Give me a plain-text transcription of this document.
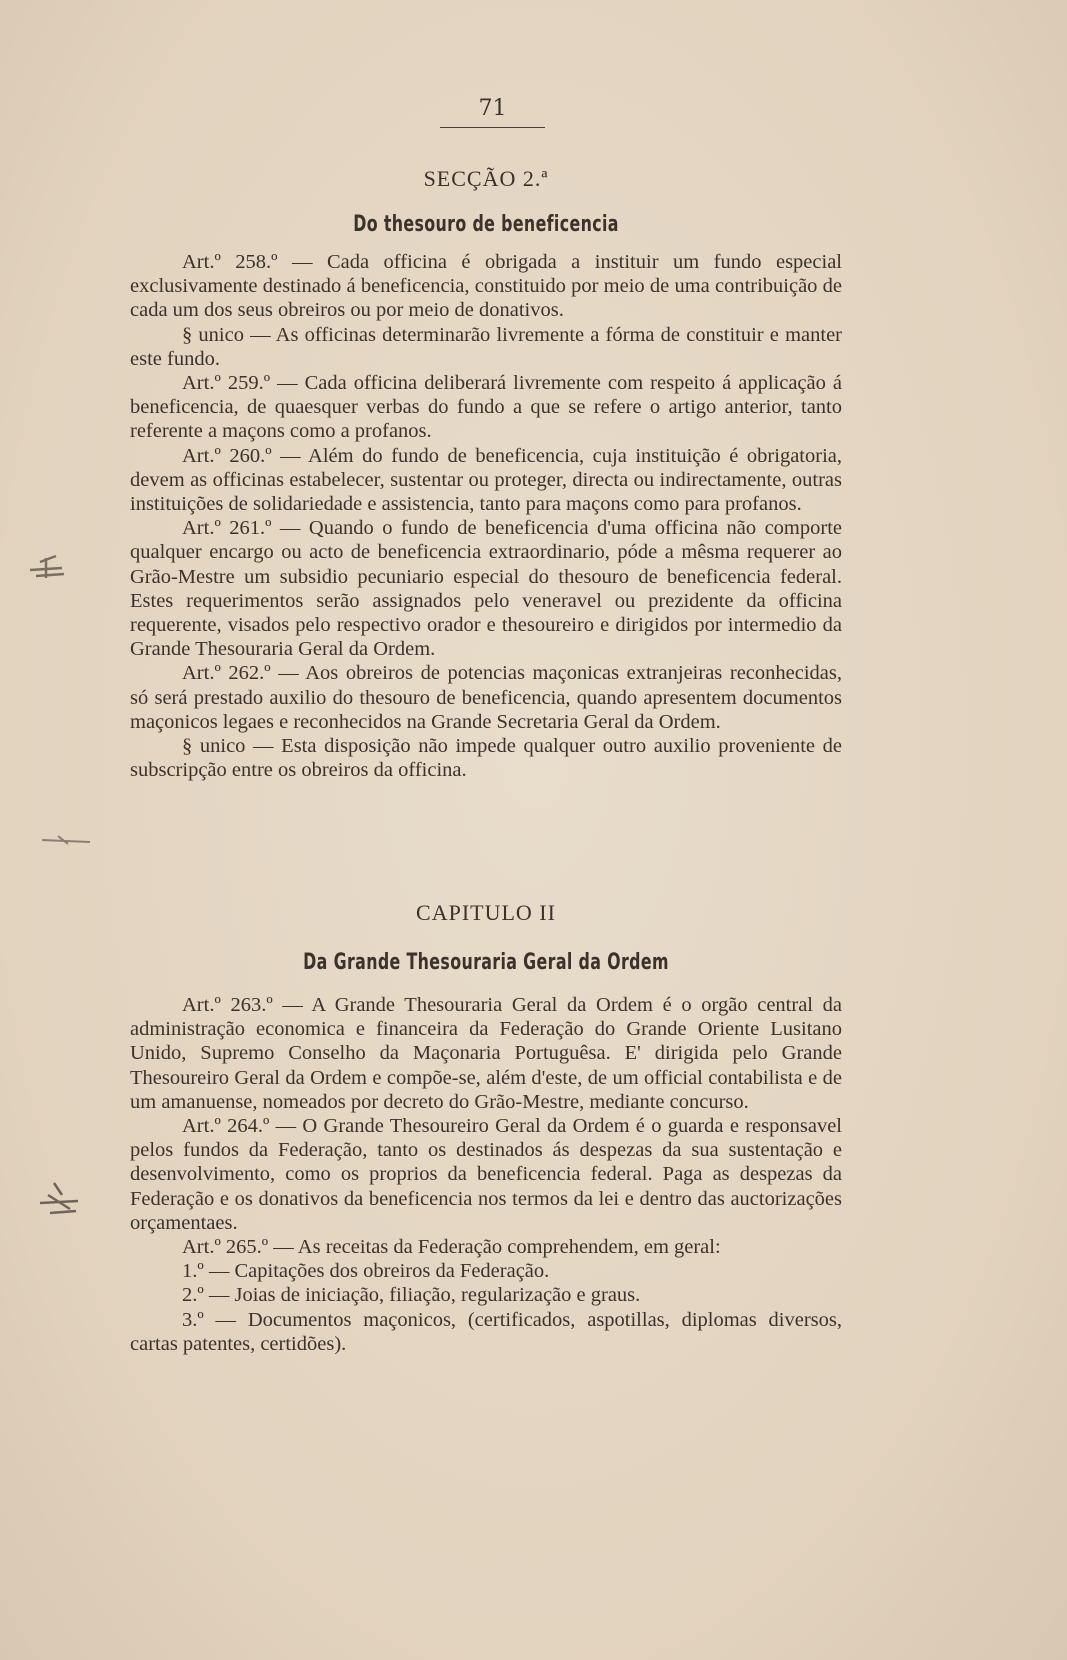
71
SECÇÃO 2.ª
Do thesouro de beneficencia

Art.º 258.º — Cada officina é obrigada a instituir um fundo especial exclusivamente destinado á beneficencia, constituido por meio de uma contribuição de cada um dos seus obreiros ou por meio de donativos.

§ unico — As officinas determinarão livremente a fórma de constituir e manter este fundo.

Art.º 259.º — Cada officina deliberará livremente com respeito á applicação á beneficencia, de quaesquer verbas do fundo a que se refere o artigo anterior, tanto referente a maçons como a profanos.

Art.º 260.º — Além do fundo de beneficencia, cuja instituição é obrigatoria, devem as officinas estabelecer, sustentar ou proteger, directa ou indirectamente, outras instituições de solidariedade e assistencia, tanto para maçons como para profanos.

Art.º 261.º — Quando o fundo de beneficencia d'uma officina não comporte qualquer encargo ou acto de beneficencia extraordinario, póde a mêsma requerer ao Grão-Mestre um subsidio pecuniario especial do thesouro de beneficencia federal. Estes requerimentos serão assignados pelo veneravel ou prezidente da officina requerente, visados pelo respectivo orador e thesoureiro e dirigidos por intermedio da Grande Thesouraria Geral da Ordem.

Art.º 262.º — Aos obreiros de potencias maçonicas extranjeiras reconhecidas, só será prestado auxilio do thesouro de beneficencia, quando apresentem documentos maçonicos legaes e reconhecidos na Grande Secretaria Geral da Ordem.

§ unico — Esta disposição não impede qualquer outro auxilio proveniente de subscripção entre os obreiros da officina.

CAPITULO II
Da Grande Thesouraria Geral da Ordem

Art.º 263.º — A Grande Thesouraria Geral da Ordem é o orgão central da administração economica e financeira da Federação do Grande Oriente Lusitano Unido, Supremo Conselho da Maçonaria Portuguêsa. E' dirigida pelo Grande Thesoureiro Geral da Ordem e compõe-se, além d'este, de um official contabilista e de um amanuense, nomeados por decreto do Grão-Mestre, mediante concurso.

Art.º 264.º — O Grande Thesoureiro Geral da Ordem é o guarda e responsavel pelos fundos da Federação, tanto os destinados ás despezas da sua sustentação e desenvolvimento, como os proprios da beneficencia federal. Paga as despezas da Federação e os donativos da beneficencia nos termos da lei e dentro das auctorizações orçamentaes.

Art.º 265.º — As receitas da Federação comprehendem, em geral:

1.º — Capitações dos obreiros da Federação.

2.º — Joias de iniciação, filiação, regularização e graus.

3.º — Documentos maçonicos, (certificados, aspotillas, diplomas diversos, cartas patentes, certidões).
